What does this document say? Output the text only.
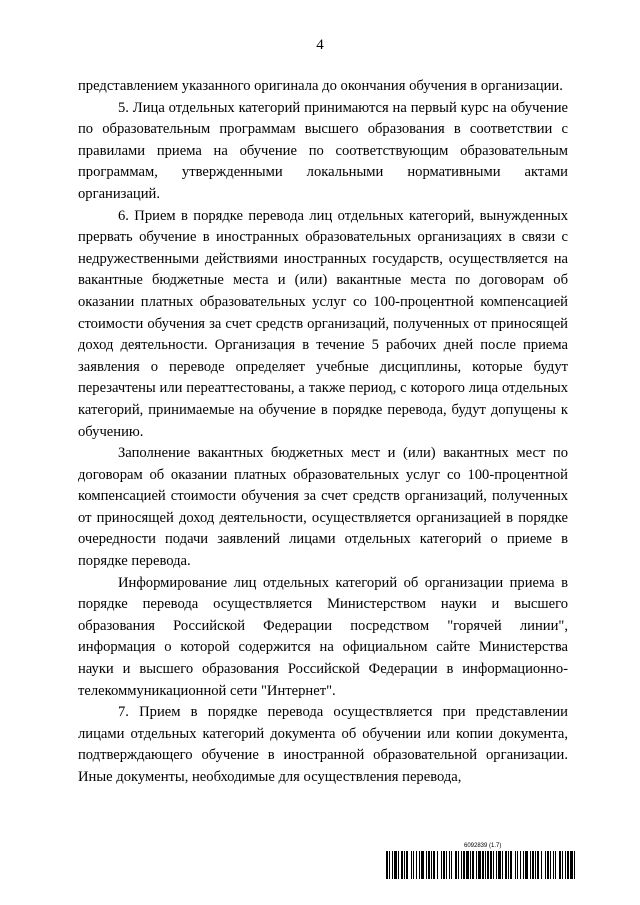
4

представлением указанного оригинала до окончания обучения в организации.

5. Лица отдельных категорий принимаются на первый курс на обучение по образовательным программам высшего образования в соответствии с правилами приема на обучение по соответствующим образовательным программам, утвержденными локальными нормативными актами организаций.

6. Прием в порядке перевода лиц отдельных категорий, вынужденных прервать обучение в иностранных образовательных организациях в связи с недружественными действиями иностранных государств, осуществляется на вакантные бюджетные места и (или) вакантные места по договорам об оказании платных образовательных услуг со 100-процентной компенсацией стоимости обучения за счет средств организаций, полученных от приносящей доход деятельности. Организация в течение 5 рабочих дней после приема заявления о переводе определяет учебные дисциплины, которые будут перезачтены или переаттестованы, а также период, с которого лица отдельных категорий, принимаемые на обучение в порядке перевода, будут допущены к обучению.

Заполнение вакантных бюджетных мест и (или) вакантных мест по договорам об оказании платных образовательных услуг со 100-процентной компенсацией стоимости обучения за счет средств организаций, полученных от приносящей доход деятельности, осуществляется организацией в порядке очередности подачи заявлений лицами отдельных категорий о приеме в порядке перевода.

Информирование лиц отдельных категорий об организации приема в порядке перевода осуществляется Министерством науки и высшего образования Российской Федерации посредством "горячей линии", информация о которой содержится на официальном сайте Министерства науки и высшего образования Российской Федерации в информационно-телекоммуникационной сети "Интернет".

7. Прием в порядке перевода осуществляется при представлении лицами отдельных категорий документа об обучении или копии документа, подтверждающего обучение в иностранной образовательной организации. Иные документы, необходимые для осуществления перевода,

6092839 (1.7)
